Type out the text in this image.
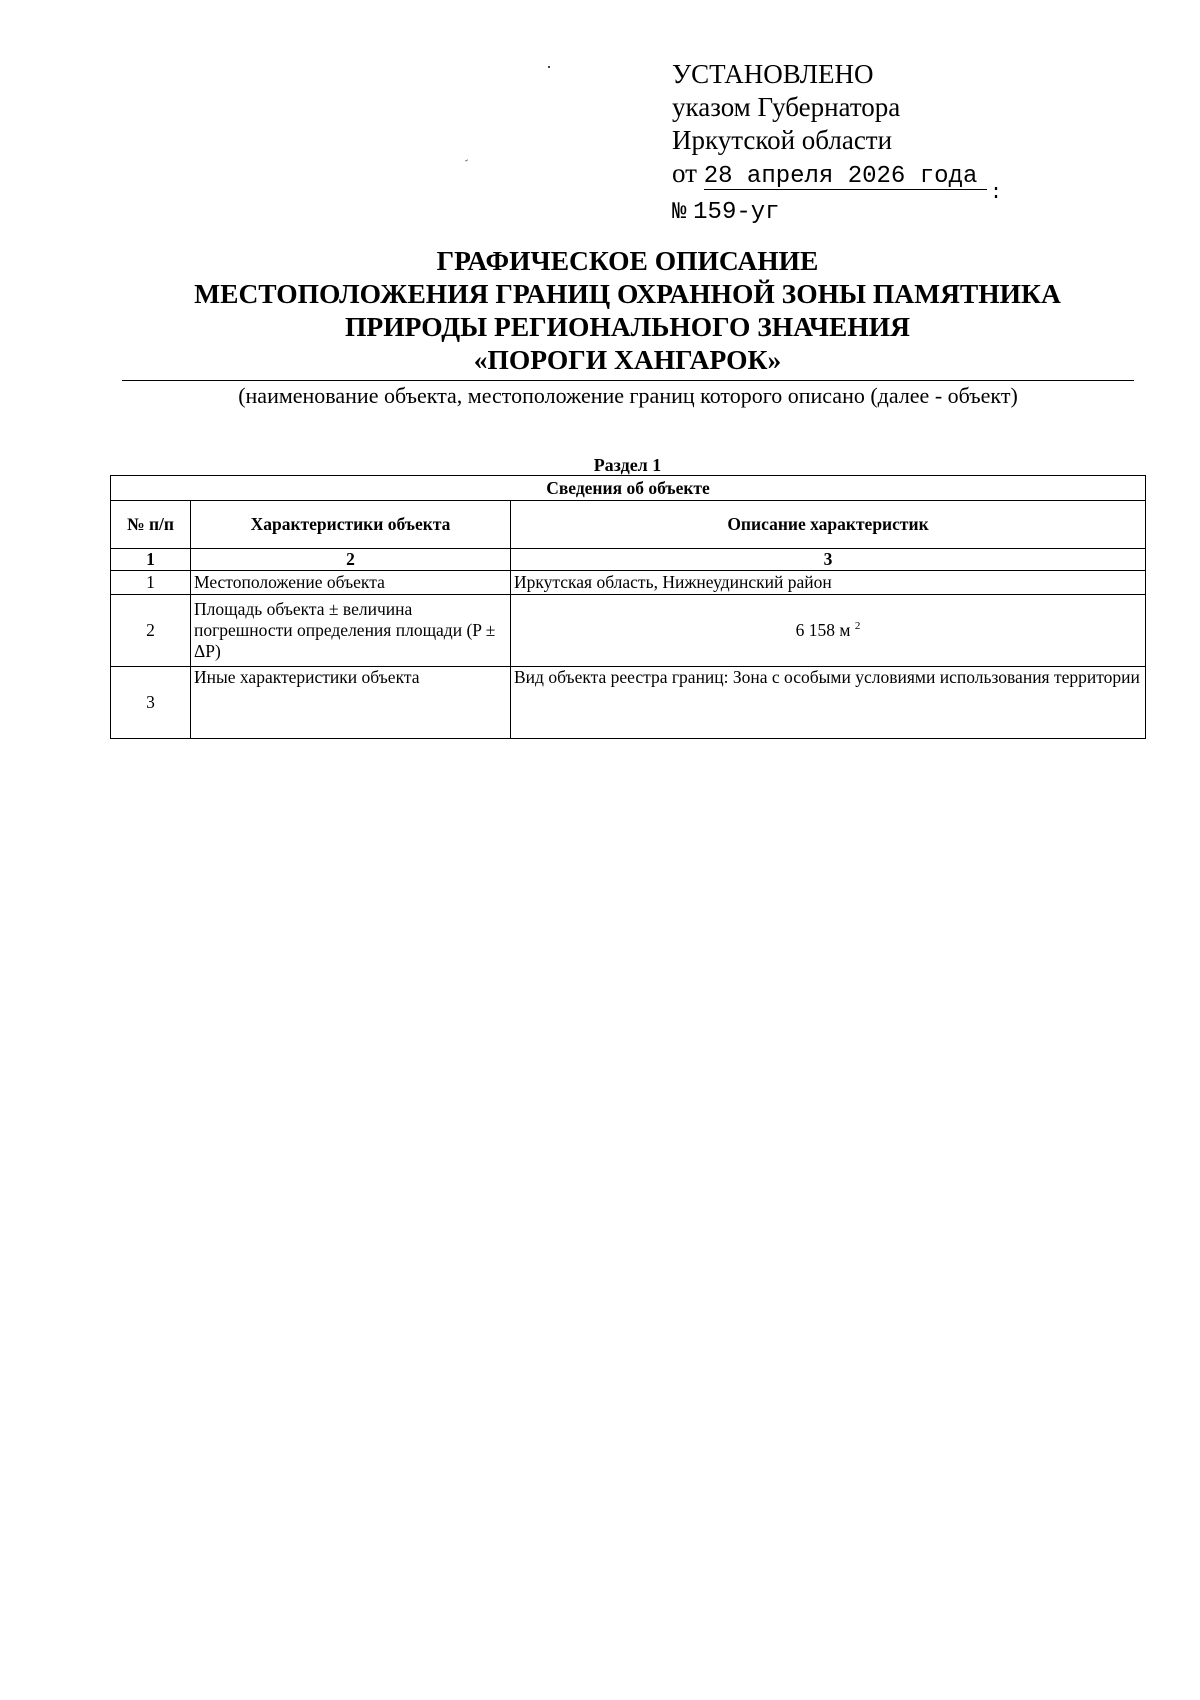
УСТАНОВЛЕНО
указом Губернатора
Иркутской области
от 28 апреля 2026 года
№ 159-уг
:
ГРАФИЧЕСКОЕ ОПИСАНИЕ
МЕСТОПОЛОЖЕНИЯ ГРАНИЦ ОХРАННОЙ ЗОНЫ ПАМЯТНИКА
ПРИРОДЫ РЕГИОНАЛЬНОГО ЗНАЧЕНИЯ
«ПОРОГИ ХАНГАРОК»
(наименование объекта, местоположение границ которого описано (далее - объект)
Раздел 1
Сведения об объекте		
№ п/п	Характеристики объекта	Описание характеристик
1	2	3
1	Местоположение объекта	Иркутская область, Нижнеудинский район
2	Площадь объекта ± величина погрешности определения площади (P ± ΔP)	6 158 м $^2$
3	Иные характеристики объекта	Вид объекта реестра границ: Зона с особыми условиями использования территории
